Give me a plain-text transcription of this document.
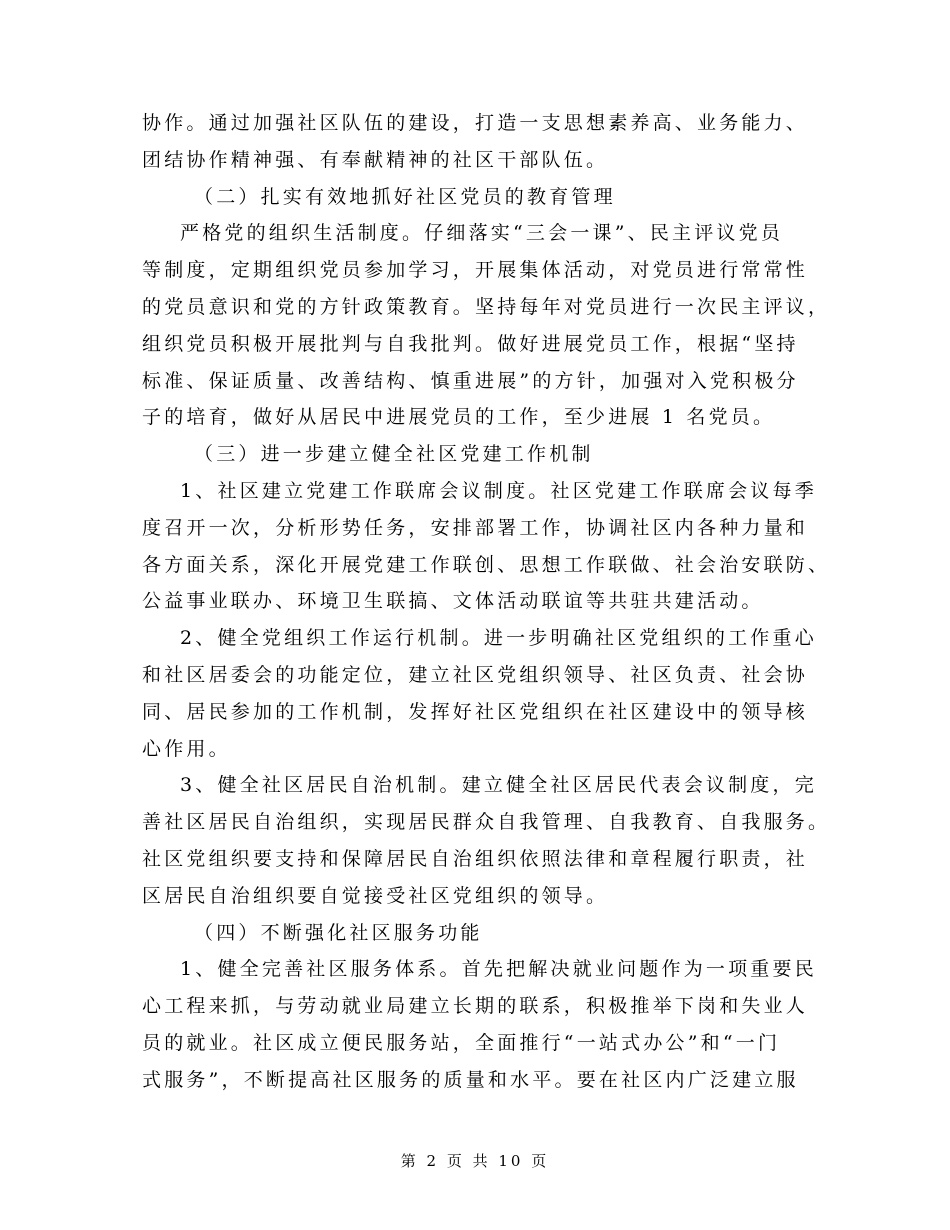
协作。通过加强社区队伍的建设，打造一支思想素养高、业务能力、
团结协作精神强、有奉献精神的社区干部队伍。
（二）扎实有效地抓好社区党员的教育管理
严格党的组织生活制度。仔细落实“三会一课”、民主评议党员
等制度，定期组织党员参加学习，开展集体活动，对党员进行常常性
的党员意识和党的方针政策教育。坚持每年对党员进行一次民主评议，
组织党员积极开展批判与自我批判。做好进展党员工作，根据“坚持
标准、保证质量、改善结构、慎重进展”的方针，加强对入党积极分
子的培育，做好从居民中进展党员的工作，至少进展 1 名党员。
（三）进一步建立健全社区党建工作机制
1、社区建立党建工作联席会议制度。社区党建工作联席会议每季
度召开一次，分析形势任务，安排部署工作，协调社区内各种力量和
各方面关系，深化开展党建工作联创、思想工作联做、社会治安联防、
公益事业联办、环境卫生联搞、文体活动联谊等共驻共建活动。
2、健全党组织工作运行机制。进一步明确社区党组织的工作重心
和社区居委会的功能定位，建立社区党组织领导、社区负责、社会协
同、居民参加的工作机制，发挥好社区党组织在社区建设中的领导核
心作用。
3、健全社区居民自治机制。建立健全社区居民代表会议制度，完
善社区居民自治组织，实现居民群众自我管理、自我教育、自我服务。
社区党组织要支持和保障居民自治组织依照法律和章程履行职责，社
区居民自治组织要自觉接受社区党组织的领导。
（四）不断强化社区服务功能
1、健全完善社区服务体系。首先把解决就业问题作为一项重要民
心工程来抓，与劳动就业局建立长期的联系，积极推举下岗和失业人
员的就业。社区成立便民服务站，全面推行“一站式办公”和“一门
式服务”，不断提高社区服务的质量和水平。要在社区内广泛建立服
第 2 页 共 10 页
